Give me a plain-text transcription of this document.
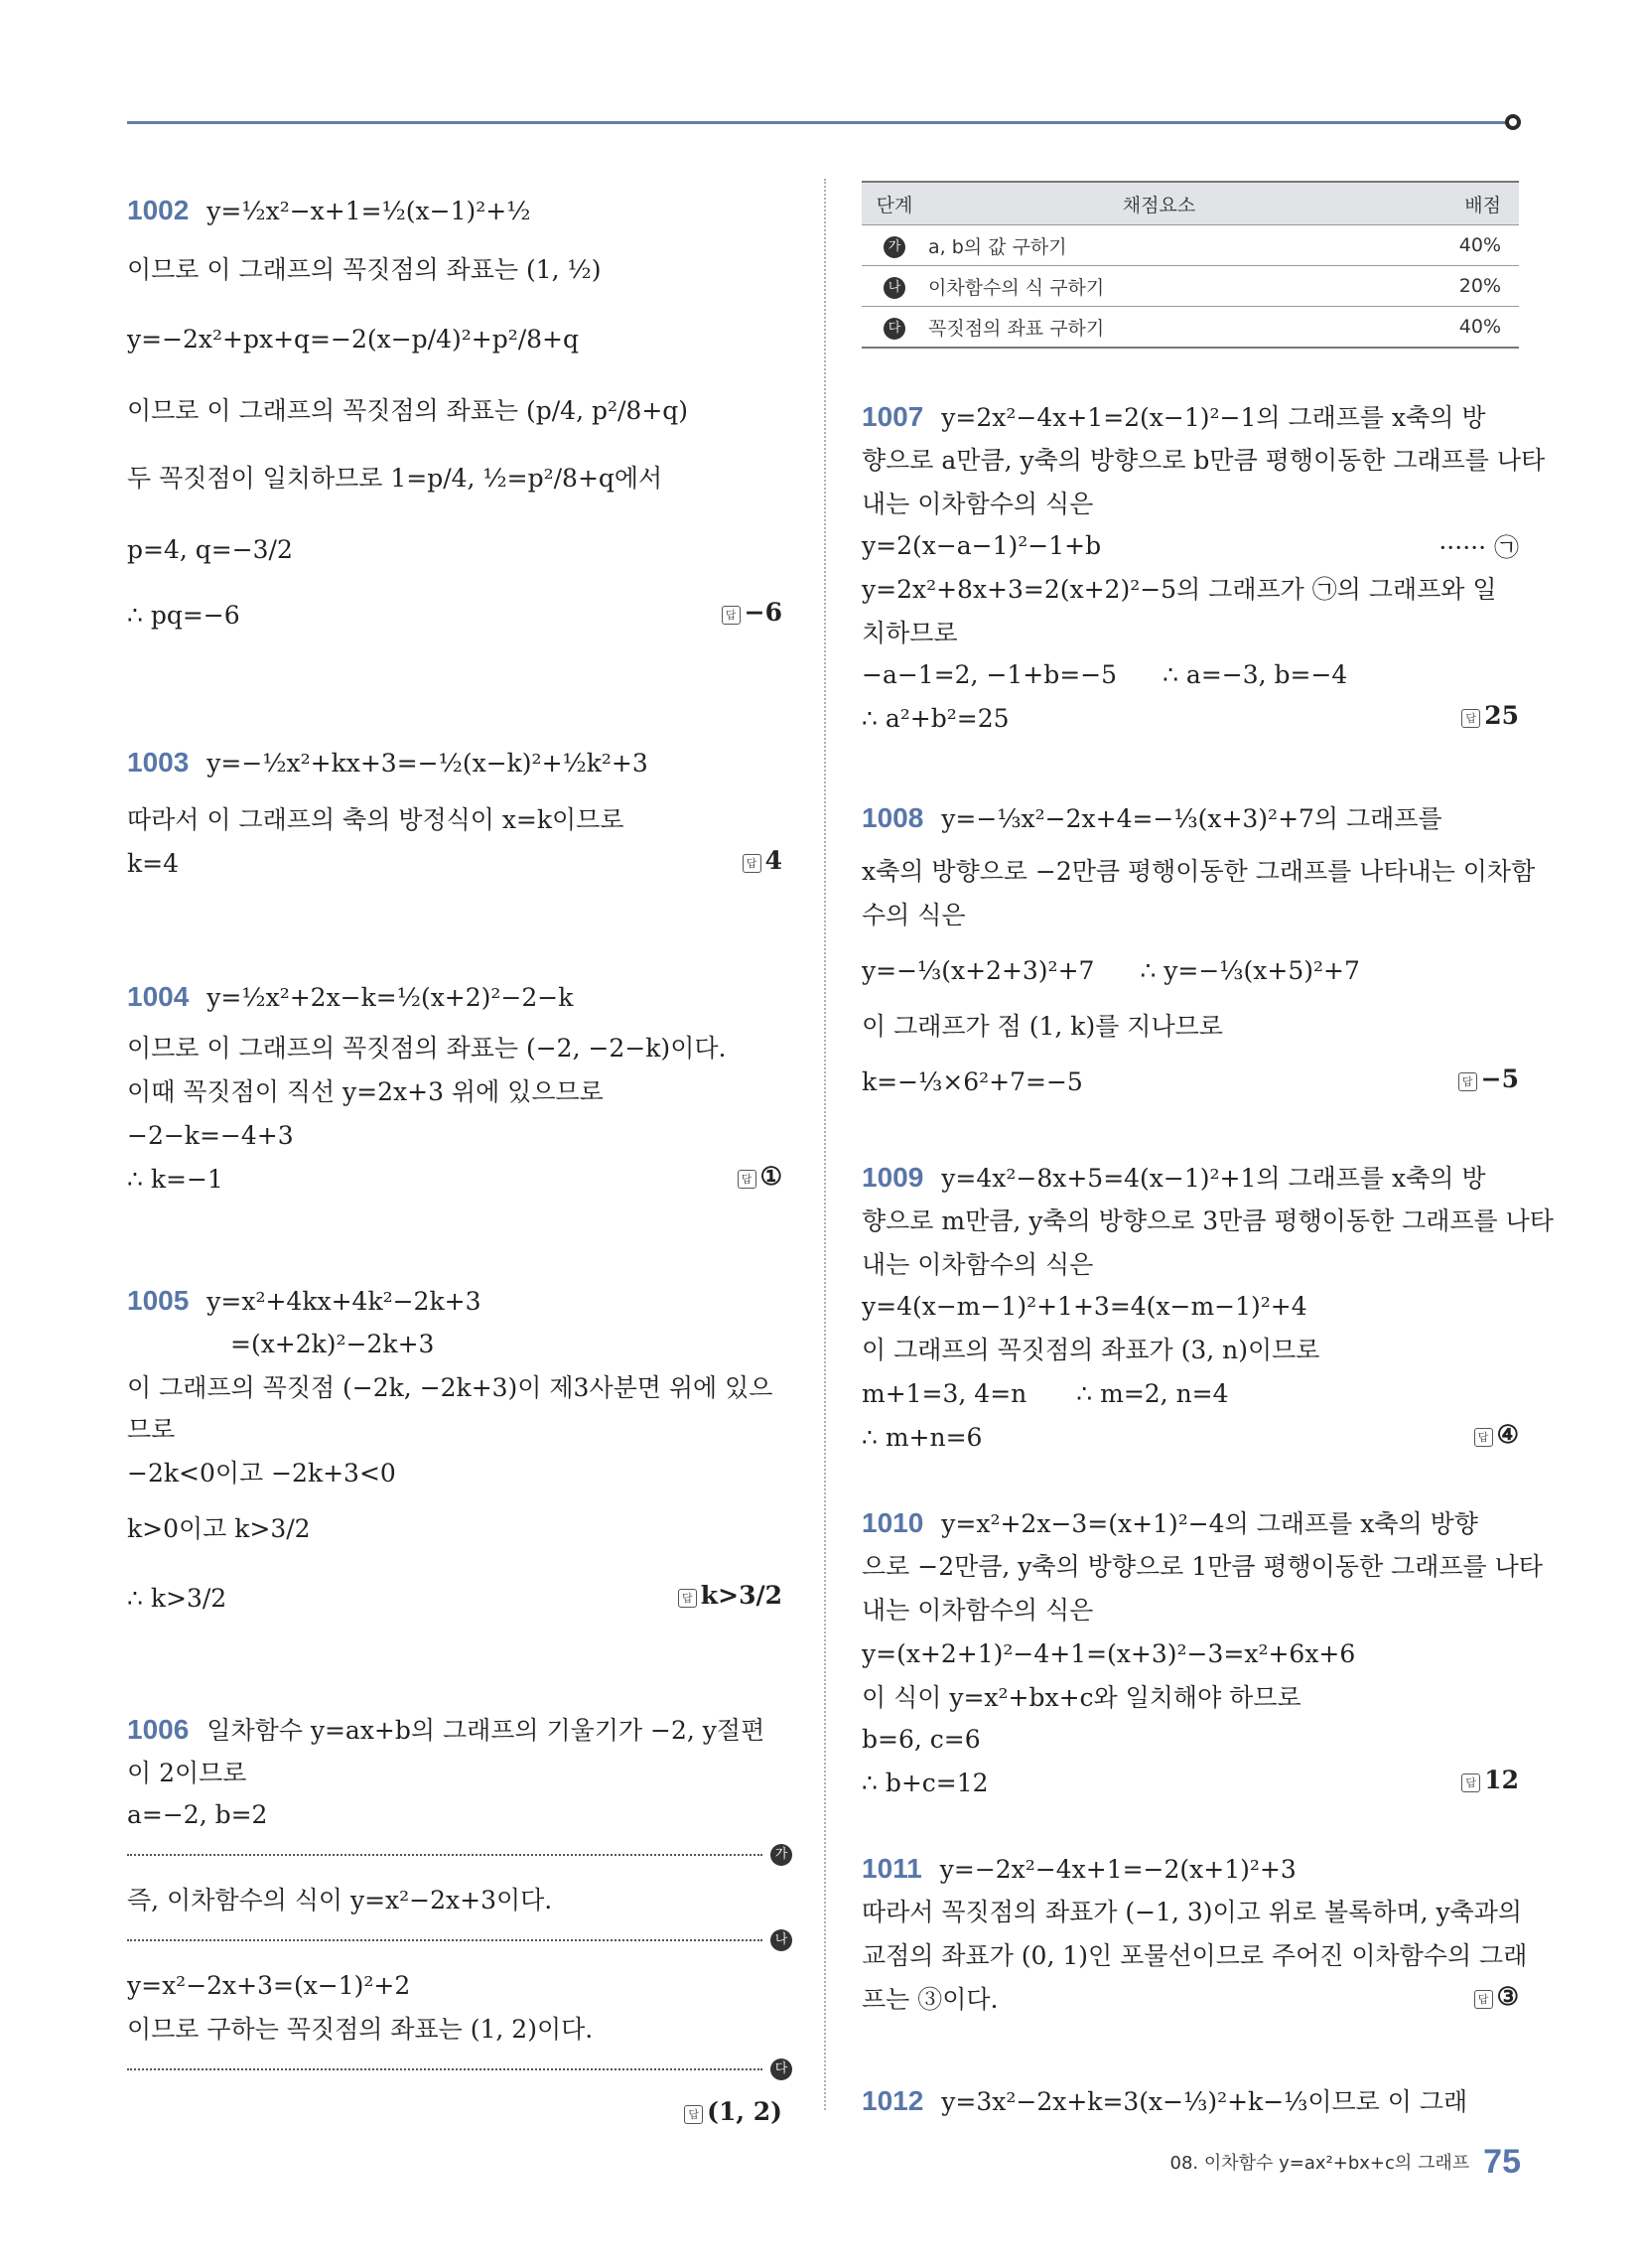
1002 y=½x²−x+1=½(x−1)²+½
이므로 이 그래프의 꼭짓점의 좌표는 (1, ½)
y=−2x²+px+q=−2(x−p/4)²+p²/8+q
이므로 이 그래프의 꼭짓점의 좌표는 (p/4, p²/8+q)
두 꼭짓점이 일치하므로 1=p/4, ½=p²/8+q에서
p=4, q=−3/2
∴ pq=−6	답 −6
1003 y=−½x²+kx+3=−½(x−k)²+½k²+3
따라서 이 그래프의 축의 방정식이 x=k이므로
k=4	답 4
1004 y=½x²+2x−k=½(x+2)²−2−k
이므로 이 그래프의 꼭짓점의 좌표는 (−2, −2−k)이다.
이때 꼭짓점이 직선 y=2x+3 위에 있으므로
−2−k=−4+3
∴ k=−1	답 ①
1005 y=x²+4kx+4k²−2k+3
=(x+2k)²−2k+3
이 그래프의 꼭짓점 (−2k, −2k+3)이 제3사분면 위에 있으
므로
−2k<0이고 −2k+3<0
k>0이고 k>3/2
∴ k>3/2	답 k>3/2
1006 일차함수 y=ax+b의 그래프의 기울기가 −2, y절편
이 2이므로
a=−2, b=2
가
즉, 이차함수의 식이 y=x²−2x+3이다.
나
y=x²−2x+3=(x−1)²+2
이므로 구하는 꼭짓점의 좌표는 (1, 2)이다.
다
답 (1, 2)
단계	채점요소	배점
가	a, b의 값 구하기	40%
나	이차함수의 식 구하기	20%
다	꼭짓점의 좌표 구하기	40%
1007 y=2x²−4x+1=2(x−1)²−1의 그래프를 x축의 방
향으로 a만큼, y축의 방향으로 b만큼 평행이동한 그래프를 나타
내는 이차함수의 식은
y=2(x−a−1)²−1+b	······ ㉠
y=2x²+8x+3=2(x+2)²−5의 그래프가 ㉠의 그래프와 일
치하므로
−a−1=2, −1+b=−5 ∴ a=−3, b=−4
∴ a²+b²=25	답 25
1008 y=−⅓x²−2x+4=−⅓(x+3)²+7의 그래프를
x축의 방향으로 −2만큼 평행이동한 그래프를 나타내는 이차함
수의 식은
y=−⅓(x+2+3)²+7 ∴ y=−⅓(x+5)²+7
이 그래프가 점 (1, k)를 지나므로
k=−⅓×6²+7=−5	답 −5
1009 y=4x²−8x+5=4(x−1)²+1의 그래프를 x축의 방
향으로 m만큼, y축의 방향으로 3만큼 평행이동한 그래프를 나타
내는 이차함수의 식은
y=4(x−m−1)²+1+3=4(x−m−1)²+4
이 그래프의 꼭짓점의 좌표가 (3, n)이므로
m+1=3, 4=n ∴ m=2, n=4
∴ m+n=6	답 ④
1010 y=x²+2x−3=(x+1)²−4의 그래프를 x축의 방향
으로 −2만큼, y축의 방향으로 1만큼 평행이동한 그래프를 나타
내는 이차함수의 식은
y=(x+2+1)²−4+1=(x+3)²−3=x²+6x+6
이 식이 y=x²+bx+c와 일치해야 하므로
b=6, c=6
∴ b+c=12	답 12
1011 y=−2x²−4x+1=−2(x+1)²+3
따라서 꼭짓점의 좌표가 (−1, 3)이고 위로 볼록하며, y축과의
교점의 좌표가 (0, 1)인 포물선이므로 주어진 이차함수의 그래
프는 ③이다.	답 ③
1012 y=3x²−2x+k=3(x−⅓)²+k−⅓이므로 이 그래
08. 이차함수 y=ax²+bx+c의 그래프 75
